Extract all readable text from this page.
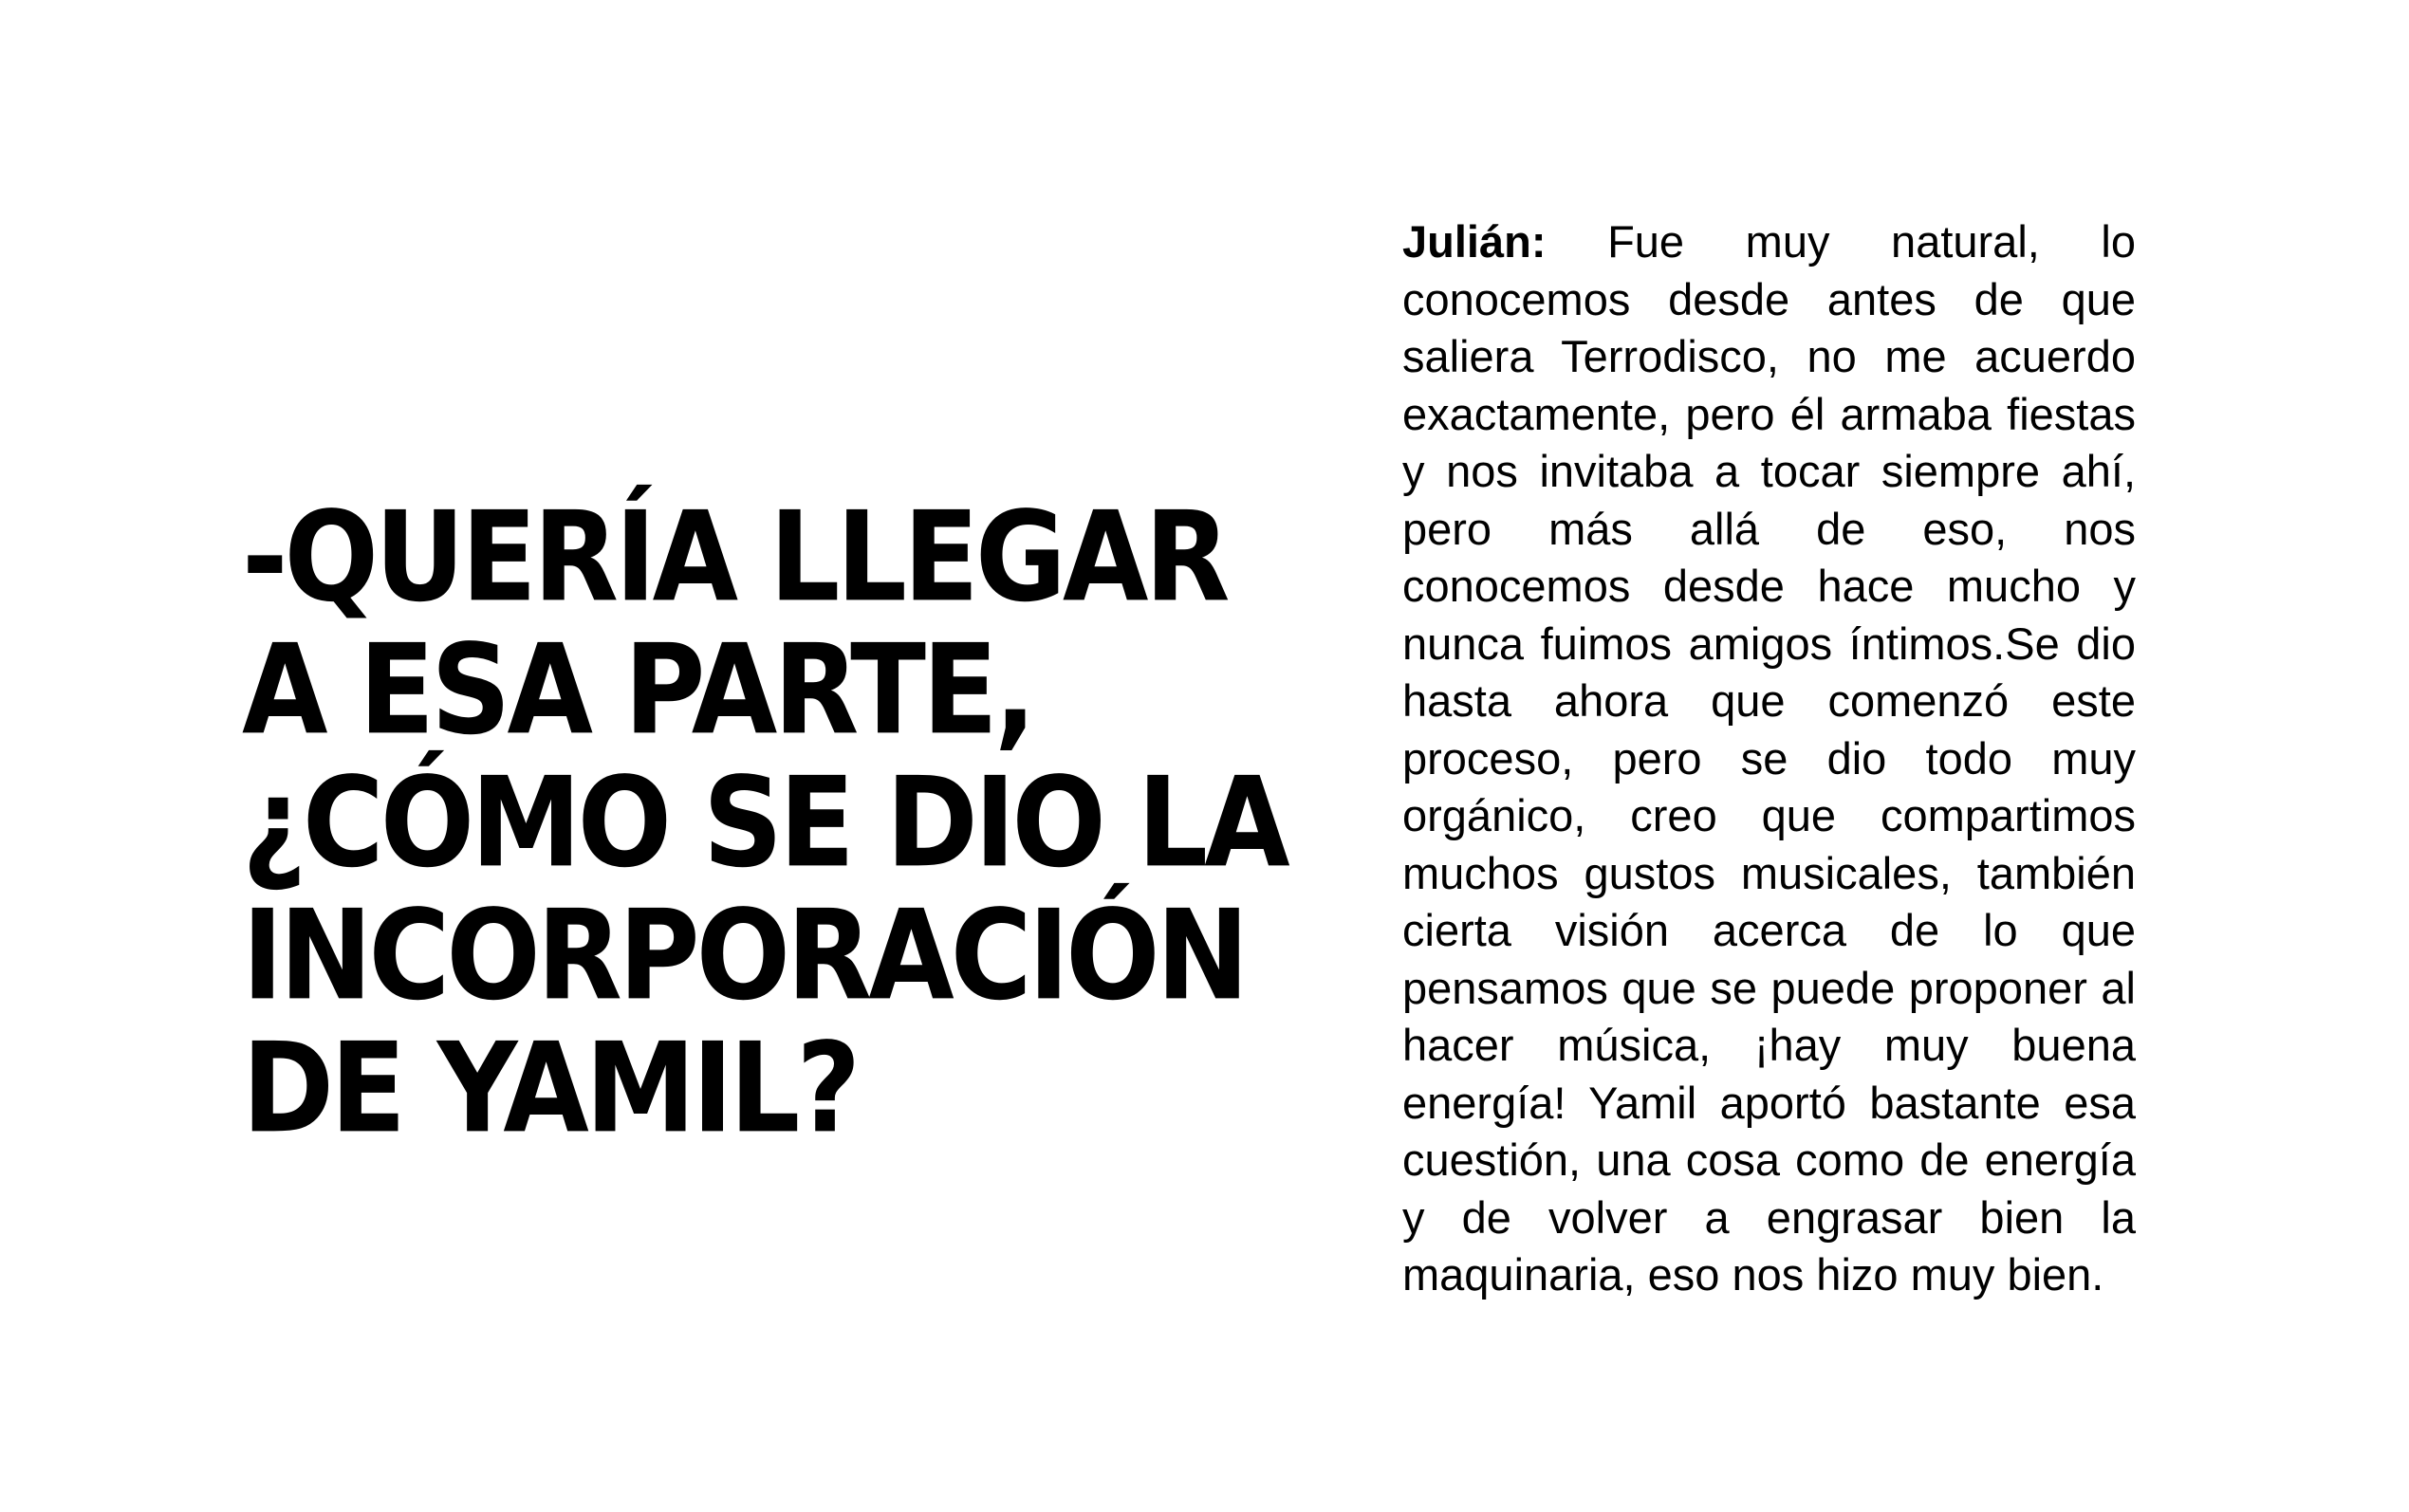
-QUERÍA LLEGAR
A ESA PARTE,
¿CÓMO SE DIO LA
INCORPORACIÓN
DE YAMIL?

Julián: Fue muy natural, lo conocemos desde antes de que saliera Terrodisco, no me acuerdo exactamente, pero él armaba fiestas y nos invitaba a tocar siempre ahí, pero más allá de eso, nos conocemos desde hace mucho y nunca fuimos amigos íntimos.Se dio hasta ahora que comenzó este proceso, pero se dio todo muy orgánico, creo que compartimos muchos gustos musicales, también cierta visión acerca de lo que pensamos que se puede proponer al hacer música, ¡hay muy buena energía! Yamil aportó bastante esa cuestión, una cosa como de energía y de volver a engrasar bien la maquinaria, eso nos hizo muy bien.
